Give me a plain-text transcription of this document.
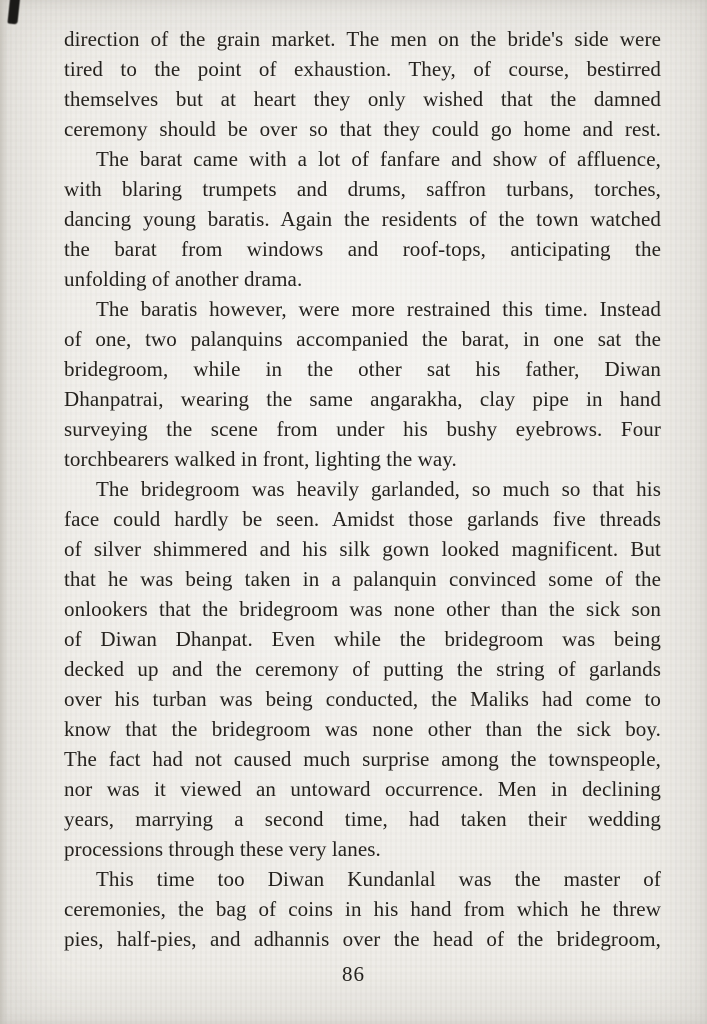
direction of the grain market. The men on the bride's side were
tired to the point of exhaustion. They, of course, bestirred
themselves but at heart they only wished that the damned
ceremony should be over so that they could go home and rest.
The barat came with a lot of fanfare and show of affluence,
with blaring trumpets and drums, saffron turbans, torches,
dancing young baratis. Again the residents of the town watched
the barat from windows and roof-tops, anticipating the
unfolding of another drama.
The baratis however, were more restrained this time. Instead
of one, two palanquins accompanied the barat, in one sat the
bridegroom, while in the other sat his father, Diwan
Dhanpatrai, wearing the same angarakha, clay pipe in hand
surveying the scene from under his bushy eyebrows. Four
torchbearers walked in front, lighting the way.
The bridegroom was heavily garlanded, so much so that his
face could hardly be seen. Amidst those garlands five threads
of silver shimmered and his silk gown looked magnificent. But
that he was being taken in a palanquin convinced some of the
onlookers that the bridegroom was none other than the sick son
of Diwan Dhanpat. Even while the bridegroom was being
decked up and the ceremony of putting the string of garlands
over his turban was being conducted, the Maliks had come to
know that the bridegroom was none other than the sick boy.
The fact had not caused much surprise among the townspeople,
nor was it viewed an untoward occurrence. Men in declining
years, marrying a second time, had taken their wedding
processions through these very lanes.
This time too Diwan Kundanlal was the master of
ceremonies, the bag of coins in his hand from which he threw
pies, half-pies, and adhannis over the head of the bridegroom,
86
